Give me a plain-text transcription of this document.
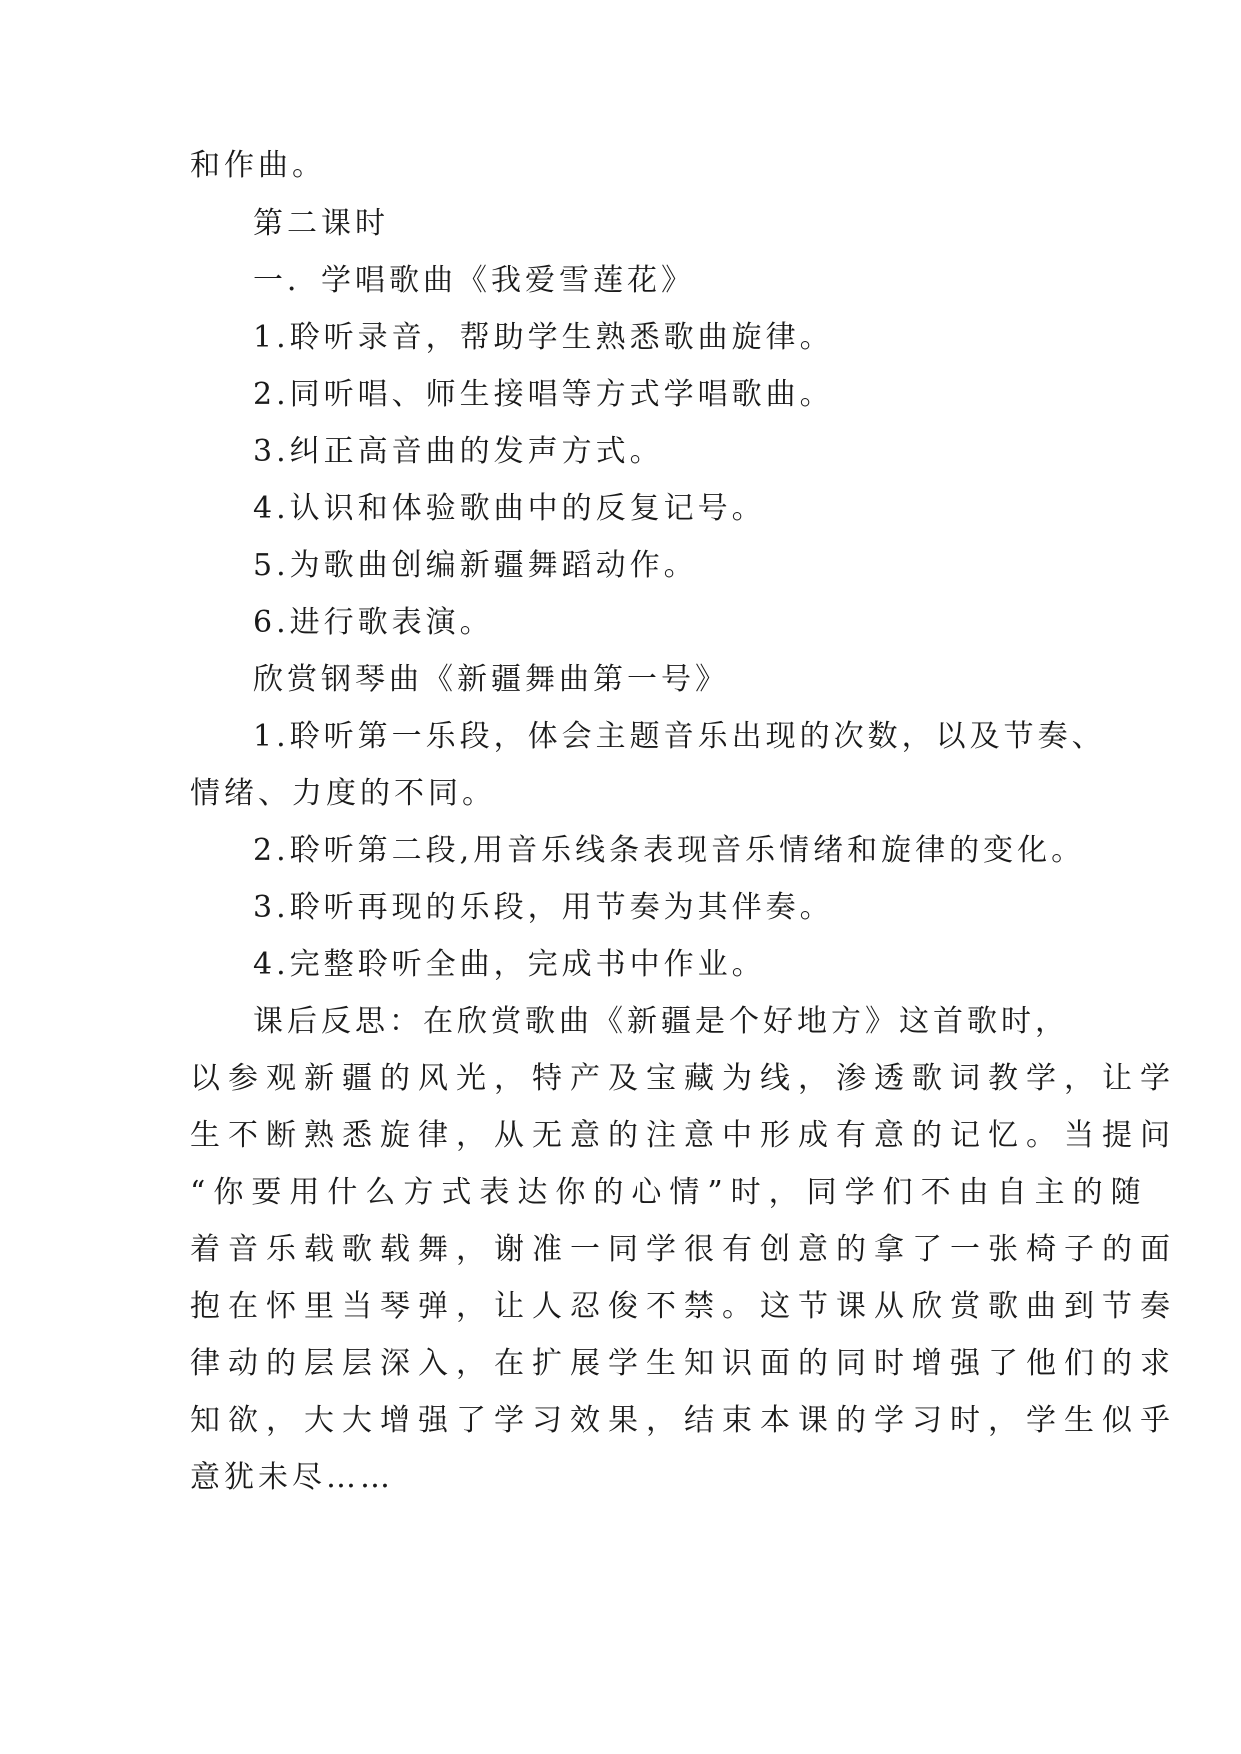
和作曲。
第二课时
一．学唱歌曲《我爱雪莲花》
1.聆听录音，帮助学生熟悉歌曲旋律。
2.同听唱、师生接唱等方式学唱歌曲。
3.纠正高音曲的发声方式。
4.认识和体验歌曲中的反复记号。
5.为歌曲创编新疆舞蹈动作。
6.进行歌表演。
欣赏钢琴曲《新疆舞曲第一号》
1.聆听第一乐段，体会主题音乐出现的次数，以及节奏、
情绪、力度的不同。
2.聆听第二段,用音乐线条表现音乐情绪和旋律的变化。
3.聆听再现的乐段，用节奏为其伴奏。
4.完整聆听全曲，完成书中作业。
课后反思：在欣赏歌曲《新疆是个好地方》这首歌时，
以参观新疆的风光，特产及宝藏为线，渗透歌词教学，让学
生不断熟悉旋律，从无意的注意中形成有意的记忆。当提问
“你要用什么方式表达你的心情”时，同学们不由自主的随
着音乐载歌载舞，谢准一同学很有创意的拿了一张椅子的面
抱在怀里当琴弹，让人忍俊不禁。这节课从欣赏歌曲到节奏
律动的层层深入，在扩展学生知识面的同时增强了他们的求
知欲，大大增强了学习效果，结束本课的学习时，学生似乎
意犹未尽……
